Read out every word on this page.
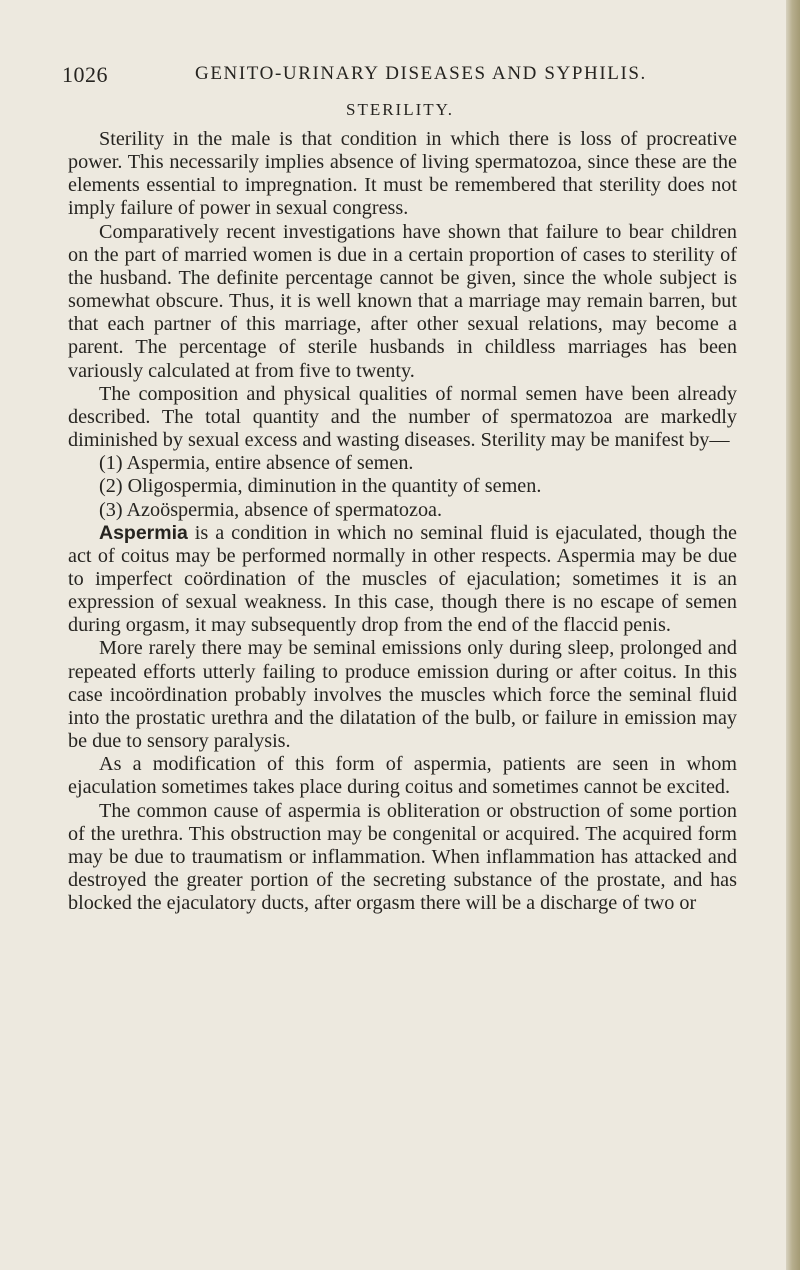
1026	GENITO-URINARY DISEASES AND SYPHILIS.
STERILITY.

Sterility in the male is that condition in which there is loss of procreative power. This necessarily implies absence of living spermatozoa, since these are the elements essential to impregnation. It must be remembered that sterility does not imply failure of power in sexual congress.

Comparatively recent investigations have shown that failure to bear children on the part of married women is due in a certain proportion of cases to sterility of the husband. The definite percentage cannot be given, since the whole subject is somewhat obscure. Thus, it is well known that a marriage may remain barren, but that each partner of this marriage, after other sexual relations, may become a parent. The percentage of sterile husbands in childless marriages has been variously calculated at from five to twenty.

The composition and physical qualities of normal semen have been already described. The total quantity and the number of spermatozoa are markedly diminished by sexual excess and wasting diseases. Sterility may be manifest by—

(1) Aspermia, entire absence of semen.

(2) Oligospermia, diminution in the quantity of semen.

(3) Azoöspermia, absence of spermatozoa.

Aspermia is a condition in which no seminal fluid is ejaculated, though the act of coitus may be performed normally in other respects. Aspermia may be due to imperfect coördination of the muscles of ejaculation; sometimes it is an expression of sexual weakness. In this case, though there is no escape of semen during orgasm, it may subsequently drop from the end of the flaccid penis.

More rarely there may be seminal emissions only during sleep, prolonged and repeated efforts utterly failing to produce emission during or after coitus. In this case incoördination probably involves the muscles which force the seminal fluid into the prostatic urethra and the dilatation of the bulb, or failure in emission may be due to sensory paralysis.

As a modification of this form of aspermia, patients are seen in whom ejaculation sometimes takes place during coitus and sometimes cannot be excited.

The common cause of aspermia is obliteration or obstruction of some portion of the urethra. This obstruction may be congenital or acquired. The acquired form may be due to traumatism or inflammation. When inflammation has attacked and destroyed the greater portion of the secreting substance of the prostate, and has blocked the ejaculatory ducts, after orgasm there will be a discharge of two or
